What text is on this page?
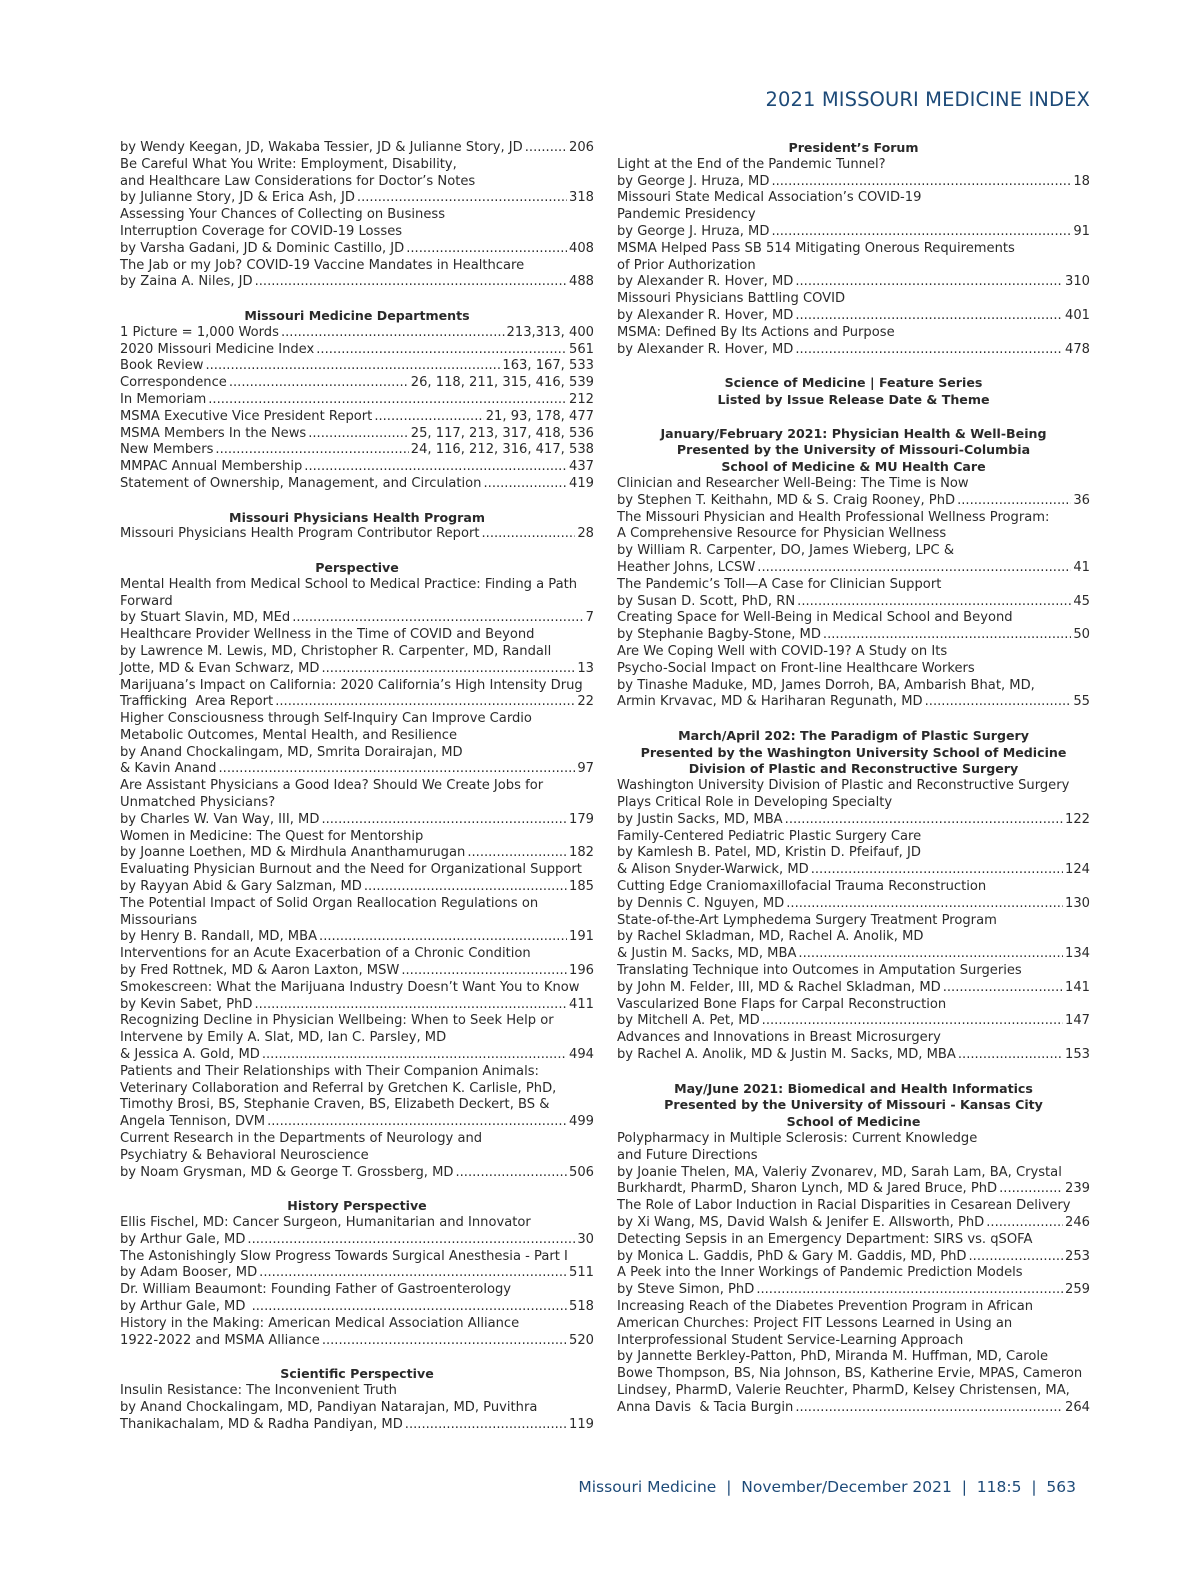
2021 MISSOURI MEDICINE INDEX
by Wendy Keegan, JD, Wakaba Tessier, JD & Julianne Story, JD .....	206
Be Careful What You Write: Employment, Disability,
and Healthcare Law Considerations for Doctor’s Notes
by Julianne Story, JD & Erica Ash, JD .....	318
Assessing Your Chances of Collecting on Business
Interruption Coverage for COVID-19 Losses
by Varsha Gadani, JD & Dominic Castillo, JD .....	408
The Jab or my Job? COVID-19 Vaccine Mandates in Healthcare
by Zaina A. Niles, JD .....	488
Missouri Medicine Departments
1 Picture = 1,000 Words .....	213,313, 400
2020 Missouri Medicine Index .....	561
Book Review .....	163, 167, 533
Correspondence .....	26, 118, 211, 315, 416, 539
In Memoriam .....	212
MSMA Executive Vice President Report .....	21, 93, 178, 477
MSMA Members In the News .....	25, 117, 213, 317, 418, 536
New Members .....	24, 116, 212, 316, 417, 538
MMPAC Annual Membership .....	437
Statement of Ownership, Management, and Circulation .....	419
Missouri Physicians Health Program
Missouri Physicians Health Program Contributor Report .....	28
Perspective
Mental Health from Medical School to Medical Practice: Finding a Path
Forward
by Stuart Slavin, MD, MEd .....	7
Healthcare Provider Wellness in the Time of COVID and Beyond
by Lawrence M. Lewis, MD, Christopher R. Carpenter, MD, Randall
Jotte, MD & Evan Schwarz, MD .....	13
Marijuana’s Impact on California: 2020 California’s High Intensity Drug
Trafficking  Area Report .....	22
Higher Consciousness through Self-Inquiry Can Improve Cardio
Metabolic Outcomes, Mental Health, and Resilience
by Anand Chockalingam, MD, Smrita Dorairajan, MD
& Kavin Anand .....	97
Are Assistant Physicians a Good Idea? Should We Create Jobs for
Unmatched Physicians?
by Charles W. Van Way, III, MD .....	179
Women in Medicine: The Quest for Mentorship
by Joanne Loethen, MD & Mirdhula Ananthamurugan .....	182
Evaluating Physician Burnout and the Need for Organizational Support
by Rayyan Abid & Gary Salzman, MD .....	185
The Potential Impact of Solid Organ Reallocation Regulations on
Missourians
by Henry B. Randall, MD, MBA .....	191
Interventions for an Acute Exacerbation of a Chronic Condition
by Fred Rottnek, MD & Aaron Laxton, MSW .....	196
Smokescreen: What the Marijuana Industry Doesn’t Want You to Know
by Kevin Sabet, PhD .....	411
Recognizing Decline in Physician Wellbeing: When to Seek Help or
Intervene by Emily A. Slat, MD, Ian C. Parsley, MD
& Jessica A. Gold, MD .....	494
Patients and Their Relationships with Their Companion Animals:
Veterinary Collaboration and Referral by Gretchen K. Carlisle, PhD,
Timothy Brosi, BS, Stephanie Craven, BS, Elizabeth Deckert, BS &
Angela Tennison, DVM .....	499
Current Research in the Departments of Neurology and
Psychiatry & Behavioral Neuroscience
by Noam Grysman, MD & George T. Grossberg, MD .....	506
History Perspective
Ellis Fischel, MD: Cancer Surgeon, Humanitarian and Innovator
by Arthur Gale, MD .....	30
The Astonishingly Slow Progress Towards Surgical Anesthesia - Part I
by Adam Booser, MD .....	511
Dr. William Beaumont: Founding Father of Gastroenterology
by Arthur Gale, MD .....	518
History in the Making: American Medical Association Alliance
1922-2022 and MSMA Alliance .....	520
Scientific Perspective
Insulin Resistance: The Inconvenient Truth
by Anand Chockalingam, MD, Pandiyan Natarajan, MD, Puvithra
Thanikachalam, MD & Radha Pandiyan, MD .....	119
President’s Forum
Light at the End of the Pandemic Tunnel?
by George J. Hruza, MD .....	18
Missouri State Medical Association’s COVID-19
Pandemic Presidency
by George J. Hruza, MD .....	91
MSMA Helped Pass SB 514 Mitigating Onerous Requirements
of Prior Authorization
by Alexander R. Hover, MD .....	310
Missouri Physicians Battling COVID
by Alexander R. Hover, MD .....	401
MSMA: Defined By Its Actions and Purpose
by Alexander R. Hover, MD .....	478
Science of Medicine | Feature Series
Listed by Issue Release Date & Theme
January/February 2021: Physician Health & Well-Being
Presented by the University of Missouri-Columbia
School of Medicine & MU Health Care
Clinician and Researcher Well-Being: The Time is Now
by Stephen T. Keithahn, MD & S. Craig Rooney, PhD .....	36
The Missouri Physician and Health Professional Wellness Program:
A Comprehensive Resource for Physician Wellness
by William R. Carpenter, DO, James Wieberg, LPC &
Heather Johns, LCSW .....	41
The Pandemic’s Toll—A Case for Clinician Support
by Susan D. Scott, PhD, RN .....	45
Creating Space for Well-Being in Medical School and Beyond
by Stephanie Bagby-Stone, MD .....	50
Are We Coping Well with COVID-19? A Study on Its
Psycho-Social Impact on Front-line Healthcare Workers
by Tinashe Maduke, MD, James Dorroh, BA, Ambarish Bhat, MD,
Armin Krvavac, MD & Hariharan Regunath, MD .....	55
March/April 202: The Paradigm of Plastic Surgery
Presented by the Washington University School of Medicine
Division of Plastic and Reconstructive Surgery
Washington University Division of Plastic and Reconstructive Surgery
Plays Critical Role in Developing Specialty
by Justin Sacks, MD, MBA .....	122
Family-Centered Pediatric Plastic Surgery Care
by Kamlesh B. Patel, MD, Kristin D. Pfeifauf, JD
& Alison Snyder-Warwick, MD .....	124
Cutting Edge Craniomaxillofacial Trauma Reconstruction
by Dennis C. Nguyen, MD .....	130
State-of-the-Art Lymphedema Surgery Treatment Program
by Rachel Skladman, MD, Rachel A. Anolik, MD
& Justin M. Sacks, MD, MBA .....	134
Translating Technique into Outcomes in Amputation Surgeries
by John M. Felder, III, MD & Rachel Skladman, MD .....	141
Vascularized Bone Flaps for Carpal Reconstruction
by Mitchell A. Pet, MD .....	147
Advances and Innovations in Breast Microsurgery
by Rachel A. Anolik, MD & Justin M. Sacks, MD, MBA .....	153
May/June 2021: Biomedical and Health Informatics
Presented by the University of Missouri - Kansas City
School of Medicine
Polypharmacy in Multiple Sclerosis: Current Knowledge
and Future Directions
by Joanie Thelen, MA, Valeriy Zvonarev, MD, Sarah Lam, BA, Crystal
Burkhardt, PharmD, Sharon Lynch, MD & Jared Bruce, PhD .....	239
The Role of Labor Induction in Racial Disparities in Cesarean Delivery
by Xi Wang, MS, David Walsh & Jenifer E. Allsworth, PhD .....	246
Detecting Sepsis in an Emergency Department: SIRS vs. qSOFA
by Monica L. Gaddis, PhD & Gary M. Gaddis, MD, PhD .....	253
A Peek into the Inner Workings of Pandemic Prediction Models
by Steve Simon, PhD .....	259
Increasing Reach of the Diabetes Prevention Program in African
American Churches: Project FIT Lessons Learned in Using an
Interprofessional Student Service-Learning Approach
by Jannette Berkley-Patton, PhD, Miranda M. Huffman, MD, Carole
Bowe Thompson, BS, Nia Johnson, BS, Katherine Ervie, MPAS, Cameron
Lindsey, PharmD, Valerie Reuchter, PharmD, Kelsey Christensen, MA,
Anna Davis  & Tacia Burgin .....	264
Missouri Medicine  |  November/December 2021  |  118:5  |  563
